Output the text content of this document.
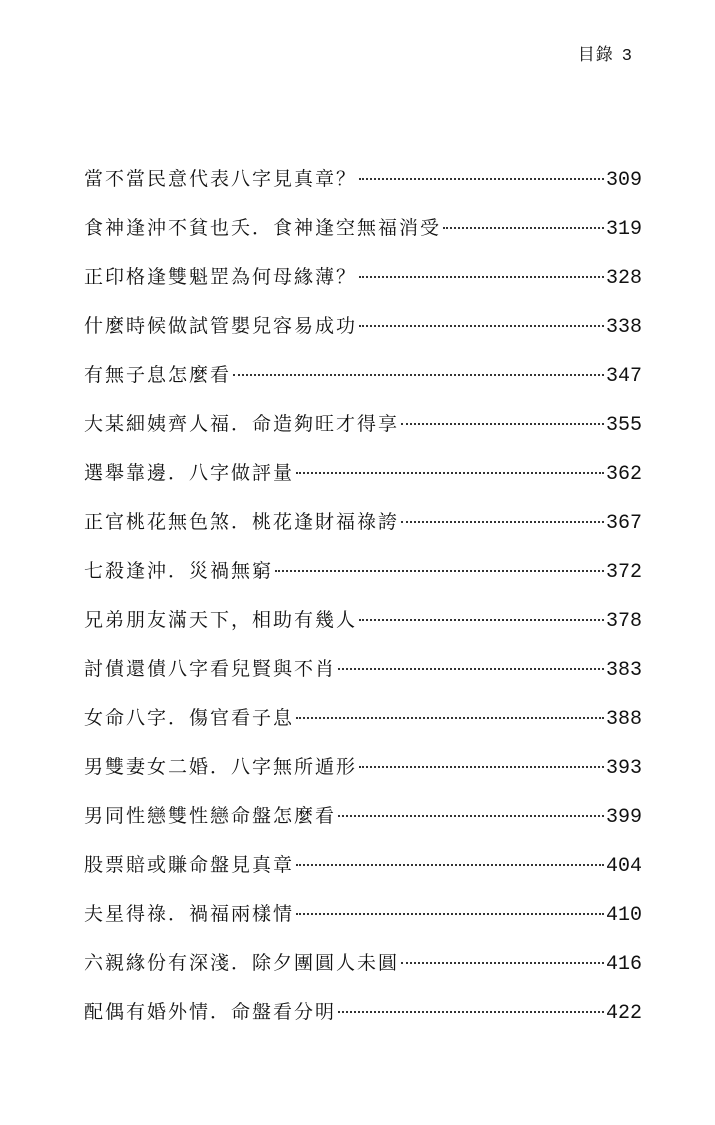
目錄 3
當不當民意代表八字見真章？	309
食神逢沖不貧也夭．食神逢空無福消受	319
正印格逢雙魁罡為何母緣薄？	328
什麼時候做試管嬰兒容易成功	338
有無子息怎麼看	347
大某細姨齊人福．命造夠旺才得享	355
選舉靠邊．八字做評量	362
正官桃花無色煞．桃花逢財福祿誇	367
七殺逢沖．災禍無窮	372
兄弟朋友滿天下，相助有幾人	378
討債還債八字看兒賢與不肖	383
女命八字．傷官看子息	388
男雙妻女二婚．八字無所遁形	393
男同性戀雙性戀命盤怎麼看	399
股票賠或賺命盤見真章	404
夫星得祿．禍福兩樣情	410
六親緣份有深淺．除夕團圓人未圓	416
配偶有婚外情．命盤看分明	422
